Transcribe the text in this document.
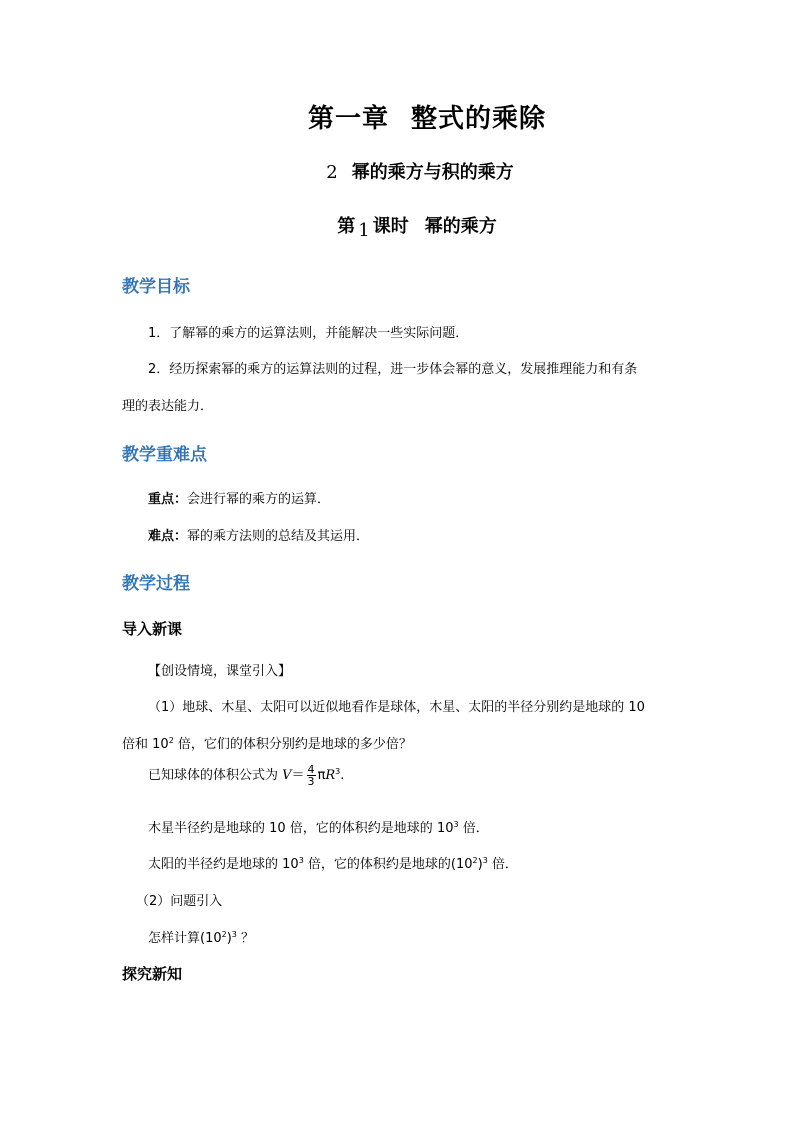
第一章 整式的乘除
2 幂的乘方与积的乘方
第 1 课时 幂的乘方
教学目标
1．了解幂的乘方的运算法则，并能解决一些实际问题．
2．经历探索幂的乘方的运算法则的过程，进一步体会幂的意义，发展推理能力和有条
理的表达能力．
教学重难点
重点：会进行幂的乘方的运算．
难点：幂的乘方法则的总结及其运用．
教学过程
导入新课
【创设情境，课堂引入】
（1）地球、木星、太阳可以近似地看作是球体，木星、太阳的半径分别约是地球的 10
倍和 $10^2$ 倍，它们的体积分别约是地球的多少倍？
已知球体的体积公式为 $V= \frac{4}{3} \pi R^3$.
木星半径约是地球的 10 倍，它的体积约是地球的 $10^3$ 倍．
太阳的半径约是地球的 $10^3$ 倍，它的体积约是地球的$(10^2)^3$ 倍．
（2）问题引入
怎样计算$(10^2)^3$ ？
探究新知
